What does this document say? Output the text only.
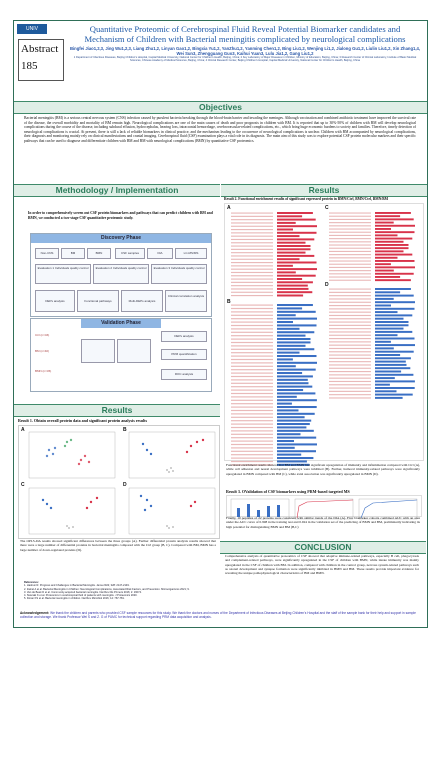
UNIV
Abstract
185
Quantitative Proteomic of Cerebrospinal Fluid Reveal Potential Biomarker candidates and Mechanism of Children with Bacterial meningitis complicated by neurological complications
Bingfei Jiao1,2,3, Jing Wu1,2,3, Liang Zhu1,2, Linyan Gao1,2, Bingxia Yu1,2, YanZhu1,2, Yanming Chen1,2, Bing Liu1,2, Wenjing Li1,2, Jialong Gu1,2, Liulin Liu1,2, Xin Zhang1,4, Wei Sun3, Zhengguang Guo3, Kaihui Yuan3, Lulu Jia1,2, Gang Liu1,2
1 Department of Infectious Diseases, Beijing Children's Hospital, Capital Medical University, National Center for Children's Health, Beijing, China; 2 Key Laboratory of Major Diseases in Children, Ministry of Education, Beijing, China; 3 Research Center of Clinical Laboratory, Institute of Basic Medical Sciences, Chinese Academy of Medical Sciences, Beijing, China; 4 Clinical Research Center, Beijing Children's Hospital, Capital Medical University, National Center for Children's Health, Beijing, China
Objectives
Bacterial meningitis (BM) is a serious central nervous system (CNS) infection caused by purulent bacteria breaking through the blood-brain barrier and invading the meninges. Although vaccination and combined antibiotic treatment have improved the survival rate of the disease, the overall morbidity and mortality of BM remain high. Neurological complications are one of the main causes of death and poor prognosis in children with BM. It is reported that up to 30%-50% of children with BM will develop neurological complications during the course of the disease, including subdural effusion, hydrocephalus, hearing loss, intracranial hemorrhage, cerebrovascular-related complications, etc., which bring huge economic burdens to society and families. Therefore, timely detection of neurological complications is crucial. At present, there is still a lack of reliable biomarkers in clinical practice, and the mechanism leading to the occurrence of neurological complications is unclear. Children with BM accompanied by neurological complications, their diagnosis and monitoring mainly rely on clinical manifestations and cranial imaging. Cerebrospinal fluid (CSF) examination plays a vital role in its diagnosis. The main aim of this study was to explore potential CSF protein molecular markers and their specific pathways that can be used to diagnose and differentiate children with BM and BM with neurological complications (BMN) by quantitative CSF proteomics.
Methodology / Implementation
In order to comprehensively screen out CSF protein biomarkers and pathways that can predict children with BM and BMN, we conducted a two-stage CSF quantitative proteomic study.
Discovery Phase
Non-CNS	BM	BMN	CSF samples	DIA	LC-MS/MS
Evaluation 1 Individuals quality control	Evaluation 2 Individuals quality control	Evaluation 3 Individuals quality control
DEPs analysis	Functional pathways	Multi-DEPs analysis
Clinical correlation analysis
Validation Phase
Ctrl (n=46)
BM (n=40)
BMN (n=36)
DEPs analysis
PRM quantification
ROC analysis
Results
Result 1. Obtain overall protein data and significant protein analysis results
A	B
C	D
The OPLS-DA results showed significant differences between the three groups (A). Further differential protein analysis results showed that there were a large number of differential proteins in bacterial meningitis compared with the Ctrl group (B, C). Compared with BM, BMN has a large number of down-regulated proteins (D).
Results
Result 2. Functional enrichment results of significant expressed protein in BMN/Ctrl, BMN/Ctrl, BMN/BM
A
B
C
D
Functional enrichment results showed that BM and BMN had significant upregulation of immunity and inflammation compared with Ctrl (A), while cell adhesion and neural development pathways were inhibited (B). Further, humoral immunity-related pathways were significantly upregulated in BMN compared with BM (C), while axial association was significantly upregulated in BMN (D).
Result 3. OValidation of CSF biomarkers using PRM-based targeted MS
Finally, 10 peptides of 22 proteins were consistent with similar trends of the DIA (A). Five biomarker cohorts combined AUC with an area under the AUC curve of 0.998 in the training test and 0.924 in the validation set of the predicting of BMN and BM, preliminarily indicating its high potential for distinguishing BMN and BM (B,C)
References:
1. Hasbun R. Progress and Challenges in Bacterial Meningitis. Jama 2022; 328: 2147-2149.
2. Zainel A et al. Bacterial Meningitis in Children: Neurological Complications, Associated Risk Factors, and Prevention. Microorganisms 2021; 9.
3. Van de Beek D et al. Community-acquired bacterial meningitis. Nat Rev Dis Primers 2016; 2: 16074.
4. Stavraki K et al. Proteomics in cerebrospinal fluid of patients with meningitis. J Proteomics 2020.
5. Doran KS et al. Bacterial meningitis in children. Nat Rev Microbiol 2016; 14: 767-781.
Acknowledgement: We thank the children and parents who provided CSF sample resources for this study. We thank the doctors and nurses of the Department of Infectious Diseases at Beijing Children's Hospital and the staff of the sample bank for their help and support in sample collection and storage. We thank Professor Wei S and Z. G of PUMC for technical support regarding PRM data acquisition and analysis.
CONCLUSION
Comprehensive analysis of quantitative proteomics of CSF showed that adaptive immune-related pathways, especially B cell, phagocytosis and complement-related pathways, were significantly upregulated in the CSF of children with BMN, while innate immunity was mainly upregulated in the CSF of children with BM. In addition, compared with children in the control group, nervous system-related pathways such as axonal development and synapse formation were significantly inhibited in BMN and BM. These results provide important evidence for revealing the unique pathophysiological characteristics of BM and BMN.
